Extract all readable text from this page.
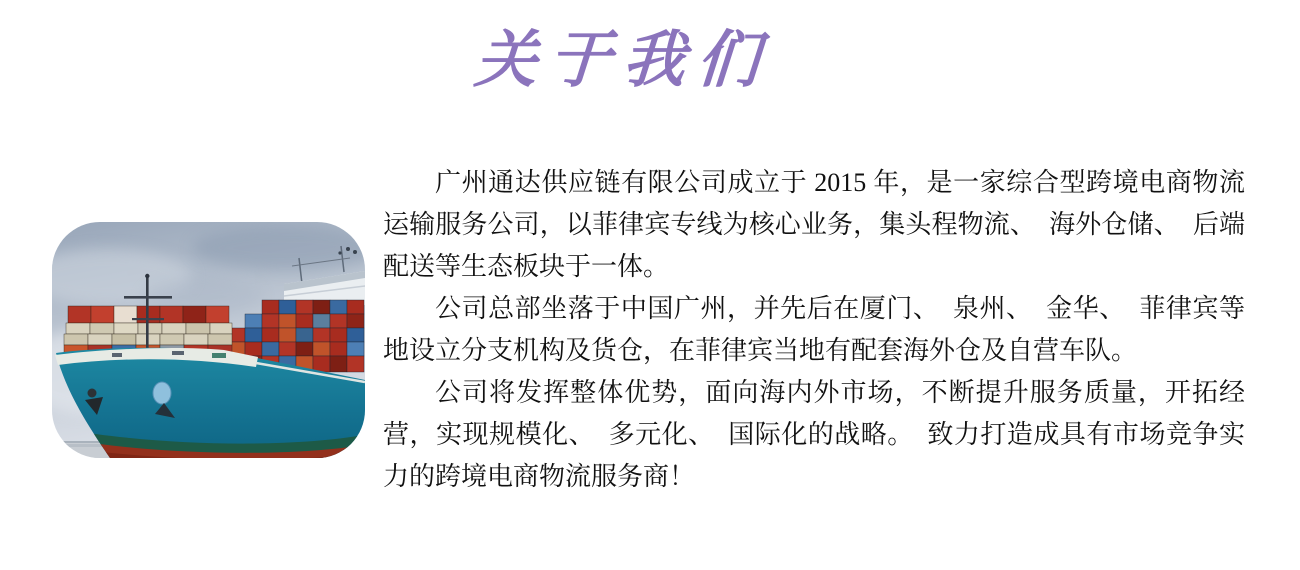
关于我们

广州通达供应链有限公司成立于 2015 年，是一家综合型跨境电商物流运输服务公司，以菲律宾专线为核心业务，集头程物流、 海外仓储、 后端配送等生态板块于一体。

公司总部坐落于中国广州，并先后在厦门、 泉州、 金华、 菲律宾等地设立分支机构及货仓，在菲律宾当地有配套海外仓及自营车队。

公司将发挥整体优势，面向海内外市场，不断提升服务质量，开拓经营，实现规模化、 多元化、 国际化的战略。 致力打造成具有市场竞争实力的跨境电商物流服务商！
